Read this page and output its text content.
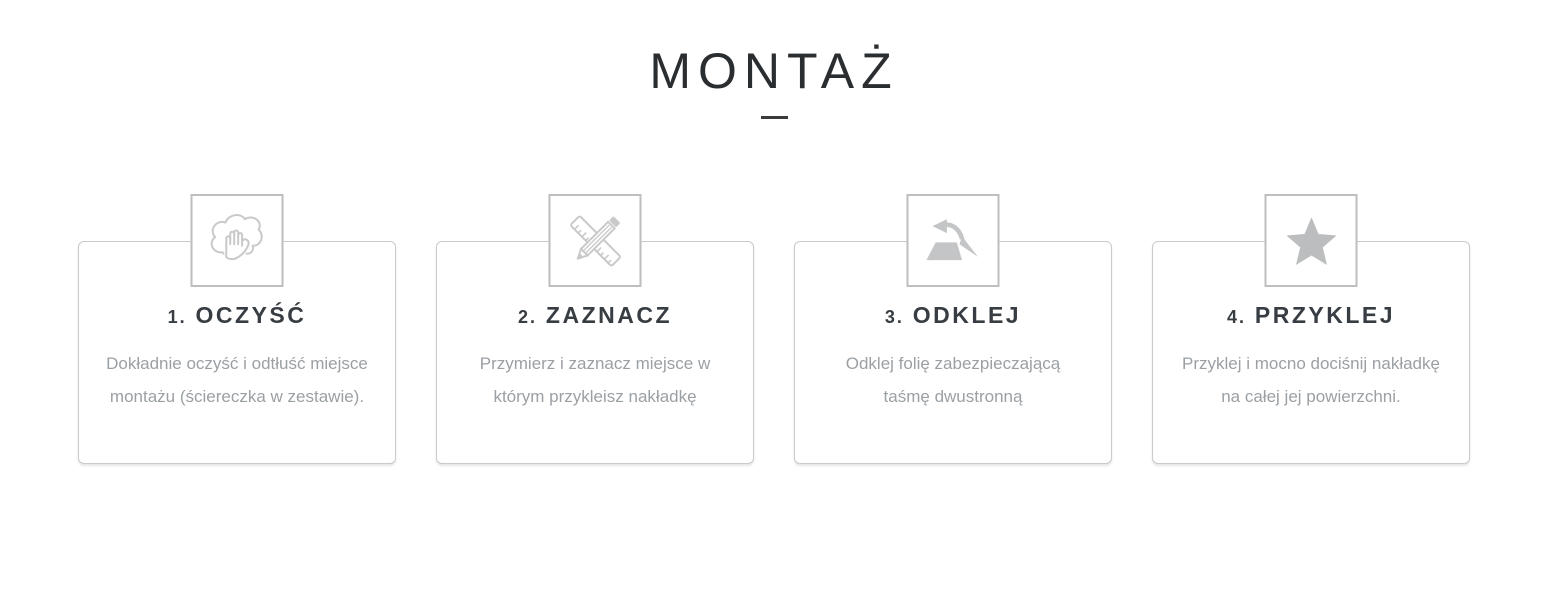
MONTAŻ
1. OCZYŚĆ

Dokładnie oczyść i odtłuść miejsce montażu (ściereczka w zestawie).

2. ZAZNACZ

Przymierz i zaznacz miejsce w którym przykleisz nakładkę

3. ODKLEJ

Odklej folię zabezpieczającą taśmę dwustronną

4. PRZYKLEJ

Przyklej i mocno dociśnij nakładkę na całej jej powierzchni.
